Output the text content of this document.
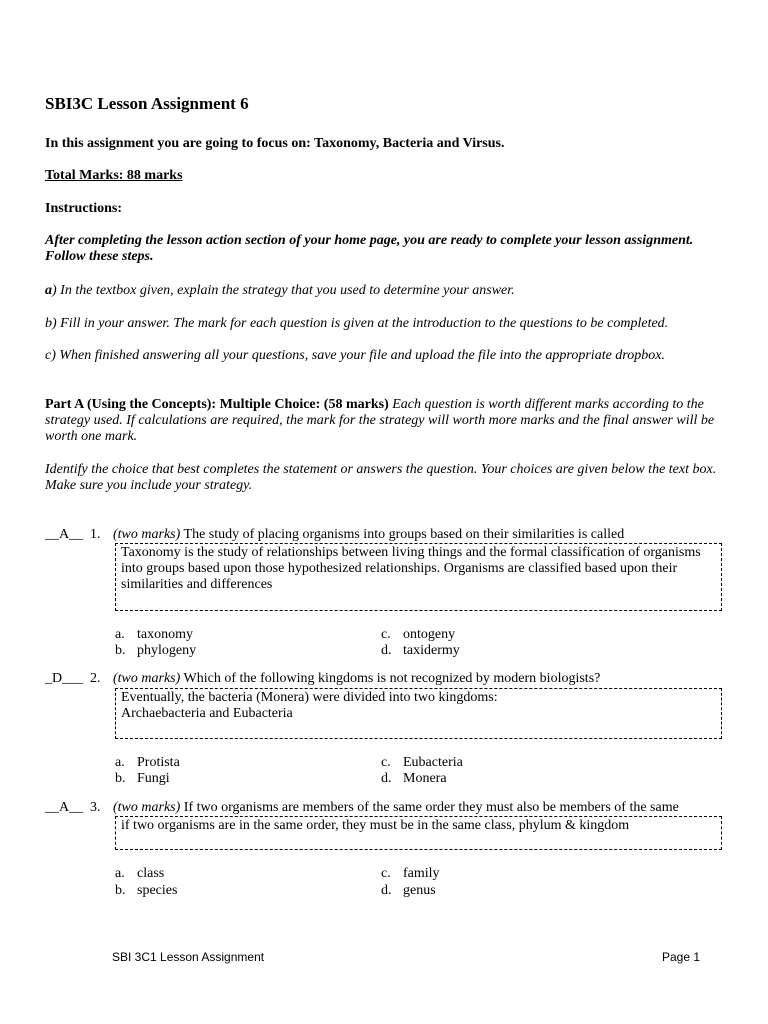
SBI3C Lesson Assignment 6
In this assignment you are going to focus on: Taxonomy, Bacteria and Virsus.
Total Marks: 88 marks
Instructions:
After completing the lesson action section of your home page, you are ready to complete your lesson assignment. Follow these steps.
a) In the textbox given, explain the strategy that you used to determine your answer.
b) Fill in your answer. The mark for each question is given at the introduction to the questions to be completed.
c) When finished answering all your questions, save your file and upload the file into the appropriate dropbox.
Part A (Using the Concepts): Multiple Choice: (58 marks) Each question is worth different marks according to the strategy used. If calculations are required, the mark for the strategy will worth more marks and the final answer will be worth one mark.
Identify the choice that best completes the statement or answers the question. Your choices are given below the text box. Make sure you include your strategy.
__A__ 1. (two marks) The study of placing organisms into groups based on their similarities is called
Taxonomy is the study of relationships between living things and the formal classification of organisms into groups based upon those hypothesized relationships. Organisms are classified based upon their similarities and differences
a. taxonomy
b. phylogeny
c. ontogeny
d. taxidermy
_D___ 2. (two marks) Which of the following kingdoms is not recognized by modern biologists?
Eventually, the bacteria (Monera) were divided into two kingdoms:
Archaebacteria and Eubacteria
a. Protista
b. Fungi
c. Eubacteria
d. Monera
__A__ 3. (two marks) If two organisms are members of the same order they must also be members of the same
if two organisms are in the same order, they must be in the same class, phylum & kingdom
a. class
b. species
c. family
d. genus
SBI 3C1 Lesson Assignment	Page 1
